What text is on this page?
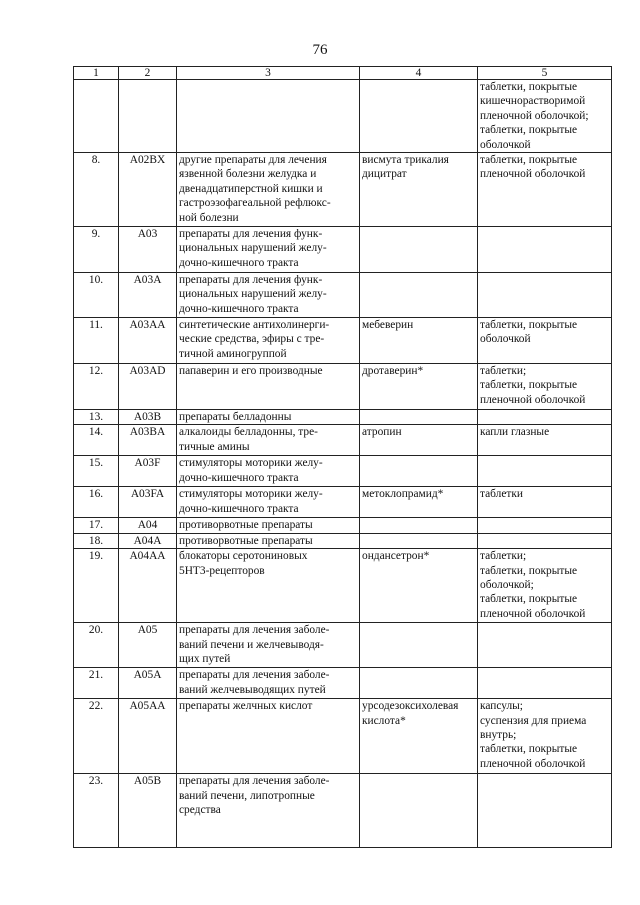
76
1	2	3	4	5

				таблетки, покрытые
кишечнорастворимой
пленочной оболочкой;
таблетки, покрытые
оболочкой

8.	A02BX	другие препараты для лечения
язвенной болезни желудка и
двенадцатиперстной кишки и
гастроэзофагеальной рефлюкс-
ной болезни	висмута трикалия
дицитрат	таблетки, покрытые
пленочной оболочкой

9.	A03	препараты для лечения функ-
циональных нарушений желу-
дочно-кишечного тракта		

10.	A03A	препараты для лечения функ-
циональных нарушений желу-
дочно-кишечного тракта		

11.	A03AA	синтетические антихолинерги-
ческие средства, эфиры с тре-
тичной аминогруппой	мебеверин	таблетки, покрытые
оболочкой

12.	A03AD	папаверин и его производные	дротаверин*	таблетки;
таблетки, покрытые
пленочной оболочкой

13.	A03B	препараты белладонны		

14.	A03BA	алкалоиды белладонны, тре-
тичные амины	атропин	капли глазные

15.	A03F	стимуляторы моторики желу-
дочно-кишечного тракта		

16.	A03FA	стимуляторы моторики желу-
дочно-кишечного тракта	метоклопрамид*	таблетки

17.	A04	противорвотные препараты		

18.	A04A	противорвотные препараты		

19.	A04AA	блокаторы серотониновых
5HT3-рецепторов	ондансетрон*	таблетки;
таблетки, покрытые
оболочкой;
таблетки, покрытые
пленочной оболочкой

20.	A05	препараты для лечения заболе-
ваний печени и желчевыводя-
щих путей		

21.	A05A	препараты для лечения заболе-
ваний желчевыводящих путей		

22.	A05AA	препараты желчных кислот	урсодезоксихолевая
кислота*	капсулы;
суспензия для приема
внутрь;
таблетки, покрытые
пленочной оболочкой

23.	A05B	препараты для лечения заболе-
ваний печени, липотропные
средства		
